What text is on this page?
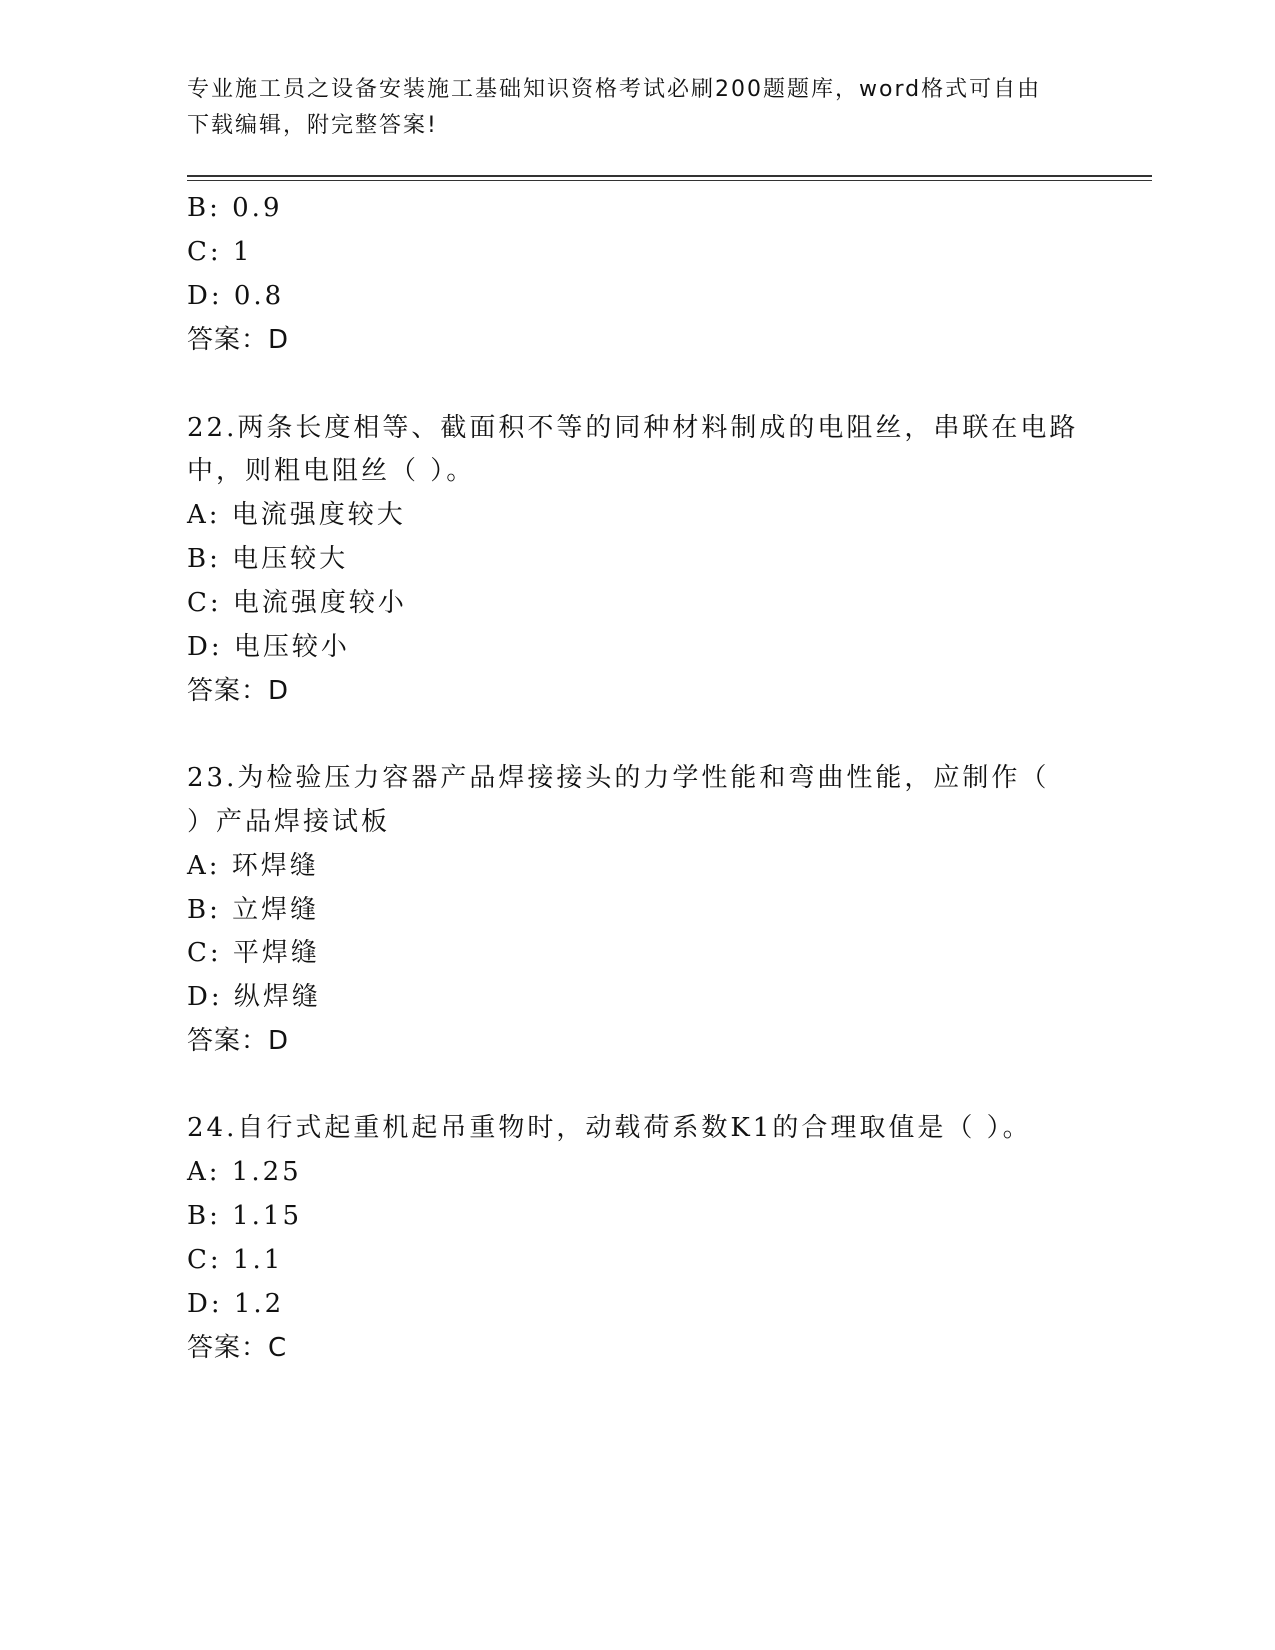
专业施工员之设备安装施工基础知识资格考试必刷200题题库，word格式可自由
下载编辑，附完整答案!
B: 0.9
C: 1
D: 0.8
答案：D
22.两条长度相等、截面积不等的同种材料制成的电阻丝，串联在电路
中，则粗电阻丝（ ）。
A: 电流强度较大
B: 电压较大
C: 电流强度较小
D: 电压较小
答案：D
23.为检验压力容器产品焊接接头的力学性能和弯曲性能，应制作（
）产品焊接试板
A: 环焊缝
B: 立焊缝
C: 平焊缝
D: 纵焊缝
答案：D
24.自行式起重机起吊重物时，动载荷系数K1的合理取值是（ ）。
A: 1.25
B: 1.15
C: 1.1
D: 1.2
答案：C
